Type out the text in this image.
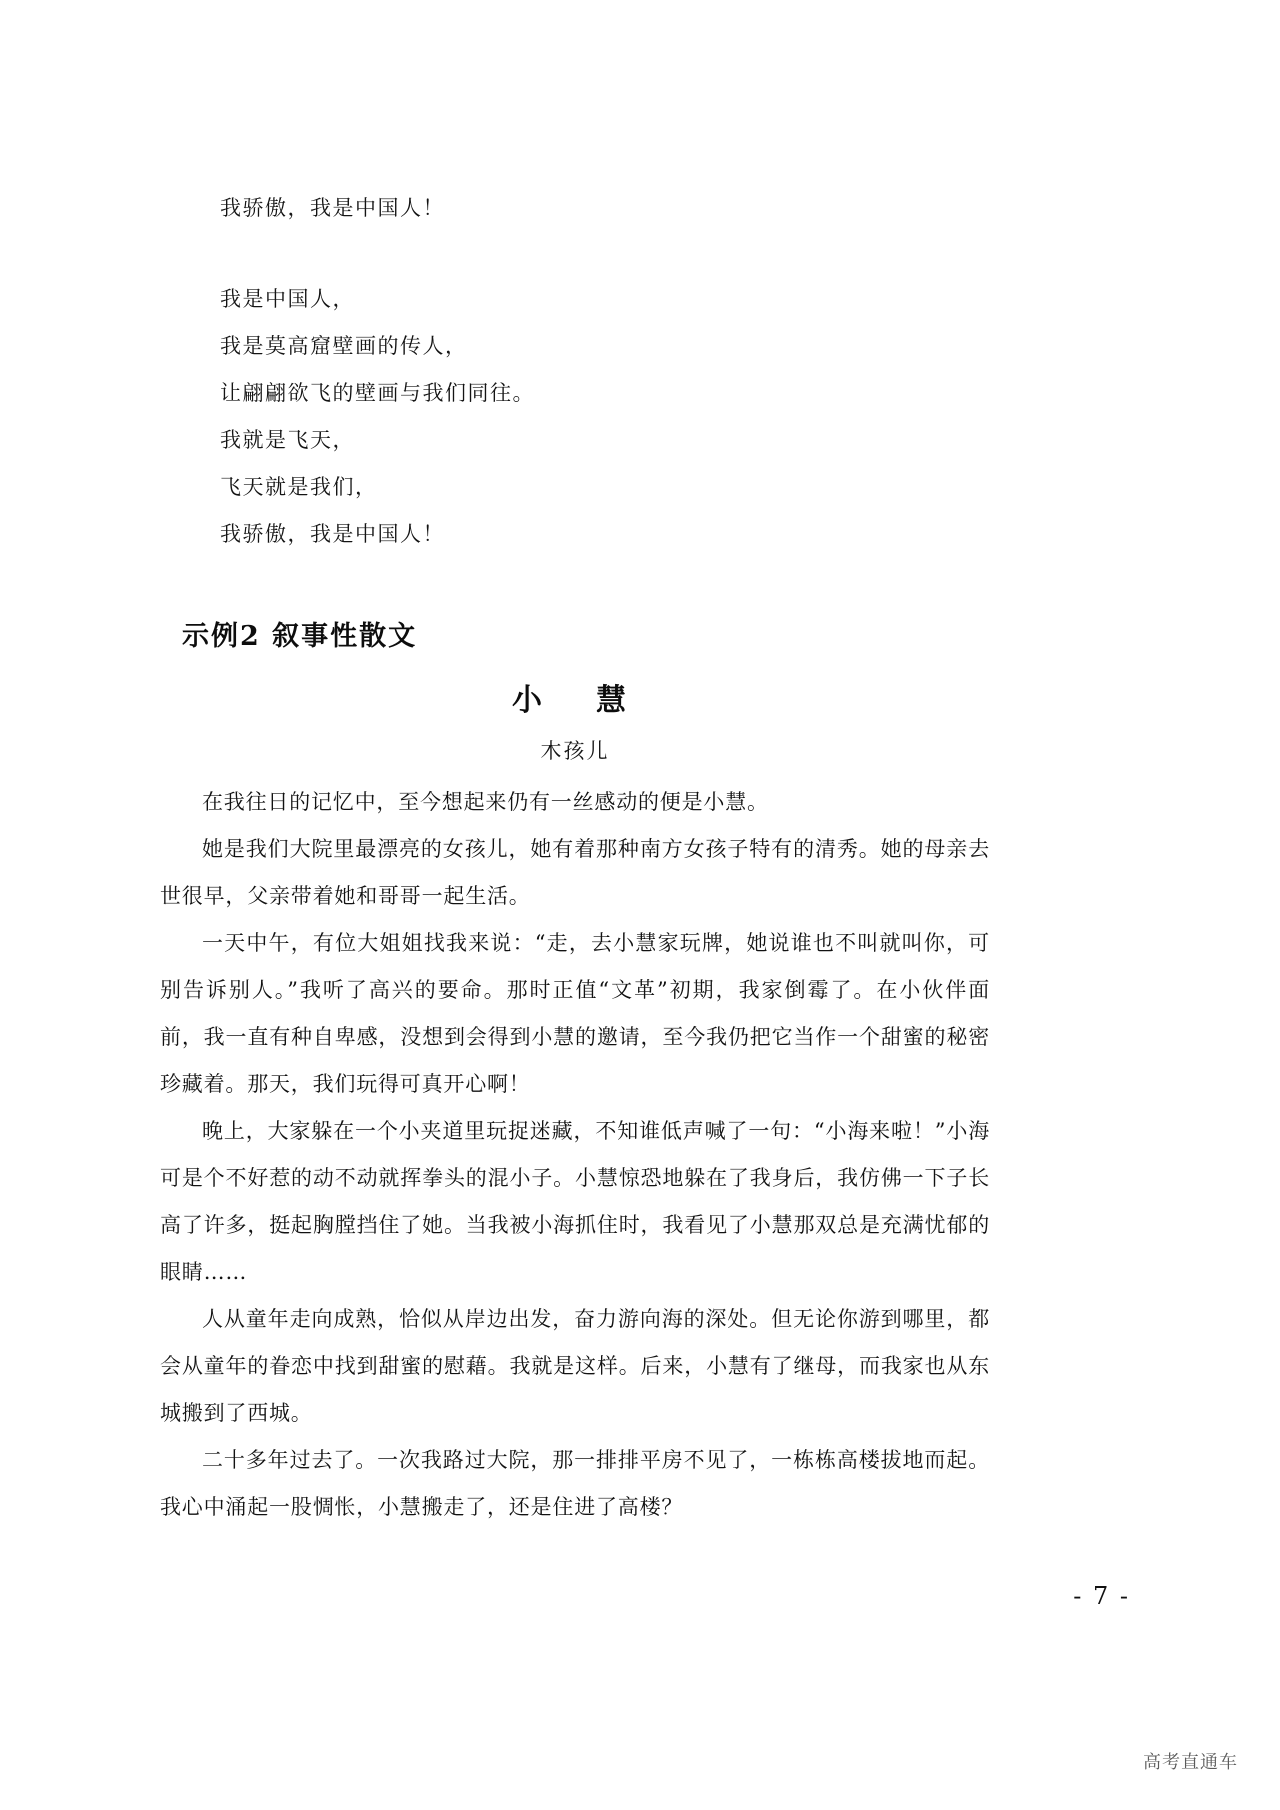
我骄傲，我是中国人！
我是中国人，
我是莫高窟壁画的传人，
让翩翩欲飞的壁画与我们同往。
我就是飞天，
飞天就是我们，
我骄傲，我是中国人！
示例2 叙事性散文
小　慧
木孩儿

在我往日的记忆中，至今想起来仍有一丝感动的便是小慧。

她是我们大院里最漂亮的女孩儿，她有着那种南方女孩子特有的清秀。她的母亲去世很早，父亲带着她和哥哥一起生活。

一天中午，有位大姐姐找我来说：“走，去小慧家玩牌，她说谁也不叫就叫你，可别告诉别人。”我听了高兴的要命。那时正值“文革”初期，我家倒霉了。在小伙伴面前，我一直有种自卑感，没想到会得到小慧的邀请，至今我仍把它当作一个甜蜜的秘密珍藏着。那天，我们玩得可真开心啊！

晚上，大家躲在一个小夹道里玩捉迷藏，不知谁低声喊了一句：“小海来啦！”小海可是个不好惹的动不动就挥拳头的混小子。小慧惊恐地躲在了我身后，我仿佛一下子长高了许多，挺起胸膛挡住了她。当我被小海抓住时，我看见了小慧那双总是充满忧郁的眼睛……

人从童年走向成熟，恰似从岸边出发，奋力游向海的深处。但无论你游到哪里，都会从童年的眷恋中找到甜蜜的慰藉。我就是这样。后来，小慧有了继母，而我家也从东城搬到了西城。

二十多年过去了。一次我路过大院，那一排排平房不见了，一栋栋高楼拔地而起。我心中涌起一股惆怅，小慧搬走了，还是住进了高楼？

- 7 -
高考直通车
